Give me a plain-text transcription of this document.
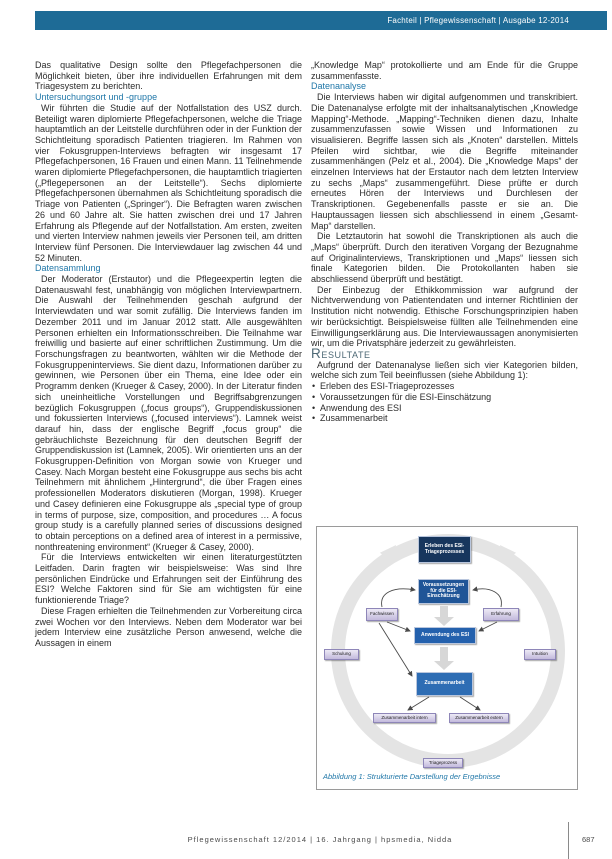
Fachteil | Pflegewissenschaft | Ausgabe 12-2014

Das qualitative Design sollte den Pflegefachpersonen die Möglichkeit bieten, über ihre individuellen Erfahrungen mit dem Triagesystem zu berichten.

Untersuchungsort und -gruppe

Wir führten die Studie auf der Notfallstation des USZ durch. Beteiligt waren diplomierte Pflegefachpersonen, welche die Triage hauptamtlich an der Leitstelle durchführen oder in der Funktion der Schichtleitung sporadisch Patienten triagieren. Im Rahmen von vier Fokusgruppen-Interviews befragten wir insgesamt 17 Pflegefachpersonen, 16 Frauen und einen Mann. 11 Teilnehmende waren diplomierte Pflegefachpersonen, die hauptamtlich triagierten („Pflegepersonen an der Leitstelle“). Sechs diplomierte Pflegefachpersonen übernahmen als Schichtleitung sporadisch die Triage von Patienten („Springer“). Die Befragten waren zwischen 26 und 60 Jahre alt. Sie hatten zwischen drei und 17 Jahren Erfahrung als Pflegende auf der Notfallstation. Am ersten, zweiten und vierten Interview nahmen jeweils vier Personen teil, am dritten Interview fünf Personen. Die Interviewdauer lag zwischen 44 und 52 Minuten.

Datensammlung

Der Moderator (Erstautor) und die Pflegeexpertin legten die Datenauswahl fest, unabhängig von möglichen Interviewpartnern. Die Auswahl der Teilnehmenden geschah aufgrund der Interviewdaten und war somit zufällig. Die Interviews fanden im Dezember 2011 und im Januar 2012 statt. Alle ausgewählten Personen erhielten ein Informationsschreiben. Die Teilnahme war freiwillig und basierte auf einer schriftlichen Zustimmung. Um die Forschungsfragen zu beantworten, wählten wir die Methode der Fokusgruppeninterviews. Sie dient dazu, Informationen darüber zu gewinnen, wie Personen über ein Thema, eine Idee oder ein Programm denken (Krueger & Casey, 2000). In der Literatur finden sich uneinheitliche Vorstellungen und Begriffsabgrenzungen bezüglich Fokusgruppen („focus groups“), Gruppendiskussionen und fokussierten Interviews („focused interviews“). Lamnek weist darauf hin, dass der englische Begriff „focus group“ die gebräuchlichste Bezeichnung für den deutschen Begriff der Gruppendiskussion ist (Lamnek, 2005). Wir orientierten uns an der Fokusgruppen-Definition von Morgan sowie von Krueger und Casey. Nach Morgan besteht eine Fokusgruppe aus sechs bis acht Teilnehmern mit ähnlichem „Hintergrund“, die über Fragen eines professionellen Moderators diskutieren (Morgan, 1998). Krueger und Casey definieren eine Fokusgruppe als „special type of group in terms of purpose, size, composition, and procedures … A focus group study is a carefully planned series of discussions designed to obtain perceptions on a defined area of interest in a permissive, nonthreatening environment“ (Krueger & Casey, 2000).

Für die Interviews entwickelten wir einen literaturgestützten Leitfaden. Darin fragten wir beispielsweise: Was sind Ihre persönlichen Eindrücke und Erfahrungen seit der Einführung des ESI? Welche Faktoren sind für Sie am wichtigsten für eine funktionierende Triage?

Diese Fragen erhielten die Teilnehmenden zur Vorbereitung circa zwei Wochen vor den Interviews. Neben dem Moderator war bei jedem Interview eine zusätzliche Person anwesend, welche die Aussagen in einem

„Knowledge Map“ protokollierte und am Ende für die Gruppe zusammenfasste.

Datenanalyse

Die Interviews haben wir digital aufgenommen und transkribiert. Die Datenanalyse erfolgte mit der inhaltsanalytischen „Knowledge Mapping“-Methode. „Mapping“-Techniken dienen dazu, Inhalte zusammenzufassen sowie Wissen und Informationen zu visualisieren. Begriffe lassen sich als „Knoten“ darstellen. Mittels Pfeilen wird sichtbar, wie die Begriffe miteinander zusammenhängen (Pelz et al., 2004). Die „Knowledge Maps“ der einzelnen Interviews hat der Erstautor nach dem letzten Interview zu sechs „Maps“ zusammengeführt. Diese prüfte er durch erneutes Hören der Interviews und Durchlesen der Transkriptionen. Gegebenenfalls passte er sie an. Die Hauptaussagen liessen sich abschliessend in einem „Gesamt-Map“ darstellen.

Die Letztautorin hat sowohl die Transkriptionen als auch die „Maps“ überprüft. Durch den iterativen Vorgang der Bezugnahme auf Originalinterviews, Transkriptionen und „Maps“ liessen sich finale Kategorien bilden. Die Protokollanten haben sie abschliessend überprüft und bestätigt.

Der Einbezug der Ethikkommission war aufgrund der Nichtverwendung von Patientendaten und interner Richtlinien der Institution nicht notwendig. Ethische Forschungsprinzipien haben wir berücksichtigt. Beispielsweise füllten alle Teilnehmenden eine Einwilligungserklärung aus. Die Interviewaussagen anonymisierten wir, um die Privatsphäre jederzeit zu gewährleisten.

Resultate

Aufgrund der Datenanalyse ließen sich vier Kategorien bilden, welche sich zum Teil beeinflussen (siehe Abbildung 1):

• Erleben des ESI-Triageprozesses
• Voraussetzungen für die ESI-Einschätzung
• Anwendung des ESI
• Zusammenarbeit
Erleben des ESI-Triageprozesses
Voraussetzungen für die ESI-Einschätzung
Anwendung des ESI
Zusammenarbeit
Fachwissen	Erfahrung
Schulung	Intuition
Zusammenarbeit intern	Zusammenarbeit extern
Triageprozess
Abbildung 1: Strukturierte Darstellung der Ergebnisse
Pflegewissenschaft 12/2014 | 16. Jahrgang | hpsmedia, Nidda	687
